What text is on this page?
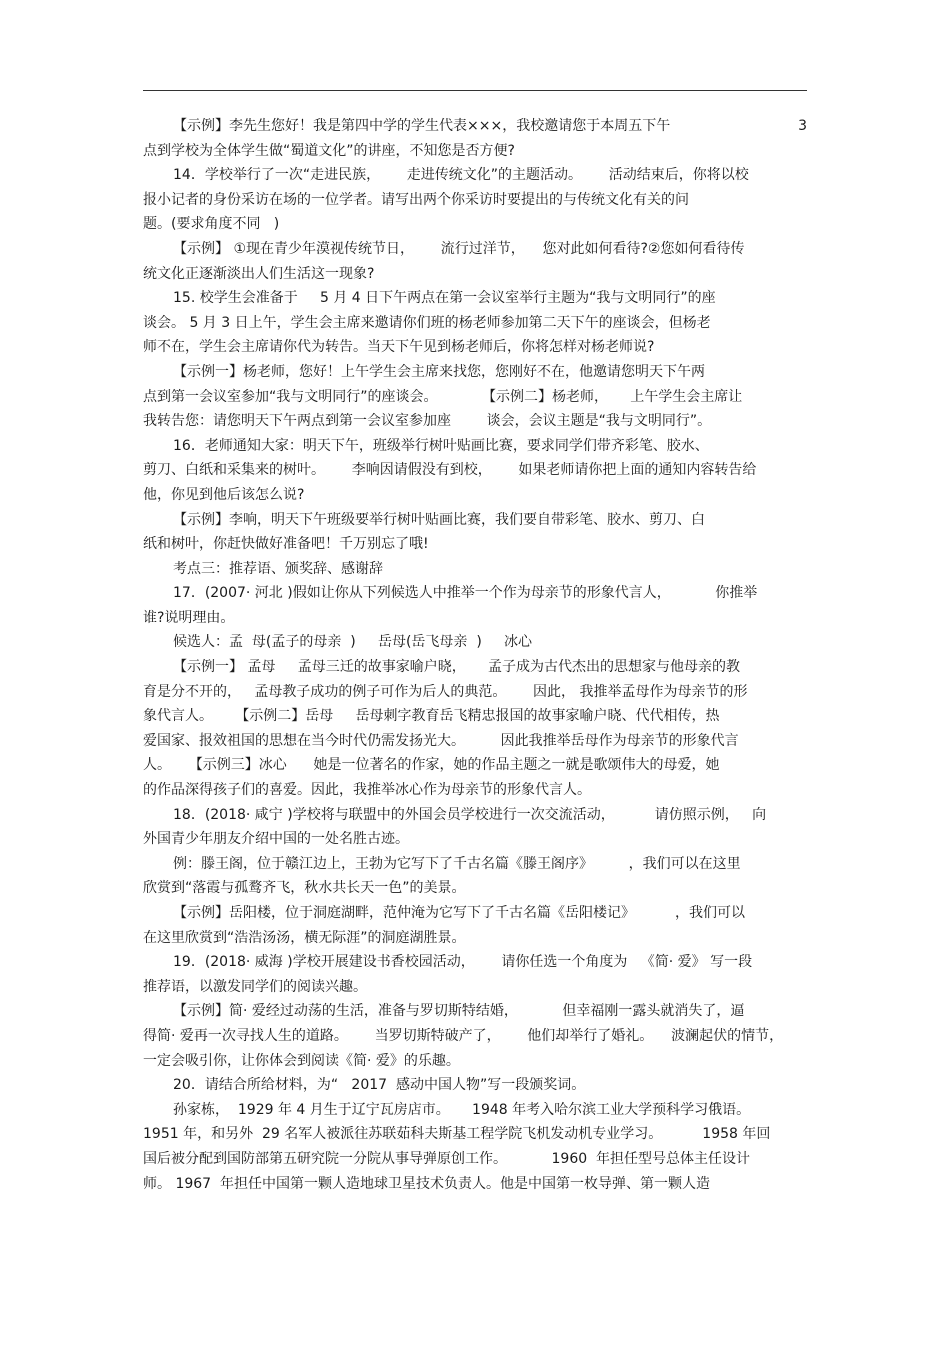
【示例】李先生您好！我是第四中学的学生代表×××，我校邀请您于本周五下午	3
点到学校为全体学生做“蜀道文化”的讲座，不知您是否方便?
14．学校举行了一次“走进民族，      走进传统文化”的主题活动。      活动结束后，你将以校
报小记者的身份采访在场的一位学者。请写出两个你采访时要提出的与传统文化有关的问
题。(要求角度不同   )
【示例】 ①现在青少年漠视传统节日，      流行过洋节，    您对此如何看待?②您如何看待传
统文化正逐渐淡出人们生活这一现象?
15. 校学生会准备于     5 月 4 日下午两点在第一会议室举行主题为“我与文明同行”的座
谈会。 5 月 3 日上午，学生会主席来邀请你们班的杨老师参加第二天下午的座谈会，但杨老
师不在，学生会主席请你代为转告。当天下午见到杨老师后，你将怎样对杨老师说?
【示例一】杨老师，您好！上午学生会主席来找您，您刚好不在，他邀请您明天下午两
点到第一会议室参加“我与文明同行”的座谈会。          【示例二】杨老师，     上午学生会主席让
我转告您：请您明天下午两点到第一会议室参加座        谈会，会议主题是“我与文明同行”。
16．老师通知大家：明天下午，班级举行树叶贴画比赛，要求同学们带齐彩笔、胶水、
剪刀、白纸和采集来的树叶。      李响因请假没有到校，      如果老师请你把上面的通知内容转告给
他，你见到他后该怎么说?
【示例】李响，明天下午班级要举行树叶贴画比赛，我们要自带彩笔、胶水、剪刀、白
纸和树叶，你赶快做好准备吧！千万别忘了哦!
考点三：推荐语、颁奖辞、感谢辞
17．(2007· 河北 )假如让你从下列候选人中推举一个作为母亲节的形象代言人，          你推举
谁?说明理由。
候选人：孟  母(孟子的母亲  )     岳母(岳飞母亲  )     冰心
【示例一】 孟母     孟母三迁的故事家喻户晓，     孟子成为古代杰出的思想家与他母亲的教
育是分不开的，   孟母教子成功的例子可作为后人的典范。      因此， 我推举孟母作为母亲节的形
象代言人。     【示例二】岳母     岳母刺字教育岳飞精忠报国的故事家喻户晓、代代相传，热
爱国家、报效祖国的思想在当今时代仍需发扬光大。        因此我推举岳母作为母亲节的形象代言
人。    【示例三】冰心      她是一位著名的作家，她的作品主题之一就是歌颂伟大的母爱，她
的作品深得孩子们的喜爱。因此，我推举冰心作为母亲节的形象代言人。
18．(2018· 咸宁 )学校将与联盟中的外国会员学校进行一次交流活动，         请仿照示例，   向
外国青少年朋友介绍中国的一处名胜古迹。
例：滕王阁，位于赣江边上，王勃为它写下了千古名篇《滕王阁序》        ，我们可以在这里
欣赏到“落霞与孤鹜齐飞，秋水共长天一色”的美景。
【示例】岳阳楼，位于洞庭湖畔，范仲淹为它写下了千古名篇《岳阳楼记》         ，我们可以
在这里欣赏到“浩浩汤汤，横无际涯”的洞庭湖胜景。
19．(2018· 威海 )学校开展建设书香校园活动，      请你任选一个角度为   《简· 爱》 写一段
推荐语，以激发同学们的阅读兴趣。
【示例】简· 爱经过动荡的生活，准备与罗切斯特结婚，          但幸福刚一露头就消失了，逼
得简· 爱再一次寻找人生的道路。      当罗切斯特破产了，      他们却举行了婚礼。    波澜起伏的情节，
一定会吸引你，让你体会到阅读《简· 爱》的乐趣。
20．请结合所给材料，为“   2017  感动中国人物”写一段颁奖词。
孙家栋，  1929 年 4 月生于辽宁瓦房店市。     1948 年考入哈尔滨工业大学预科学习俄语。
1951 年，和另外  29 名军人被派往苏联茹科夫斯基工程学院飞机发动机专业学习。         1958 年回
国后被分配到国防部第五研究院一分院从事导弹原创工作。          1960  年担任型号总体主任设计
师。 1967  年担任中国第一颗人造地球卫星技术负责人。他是中国第一枚导弹、第一颗人造
